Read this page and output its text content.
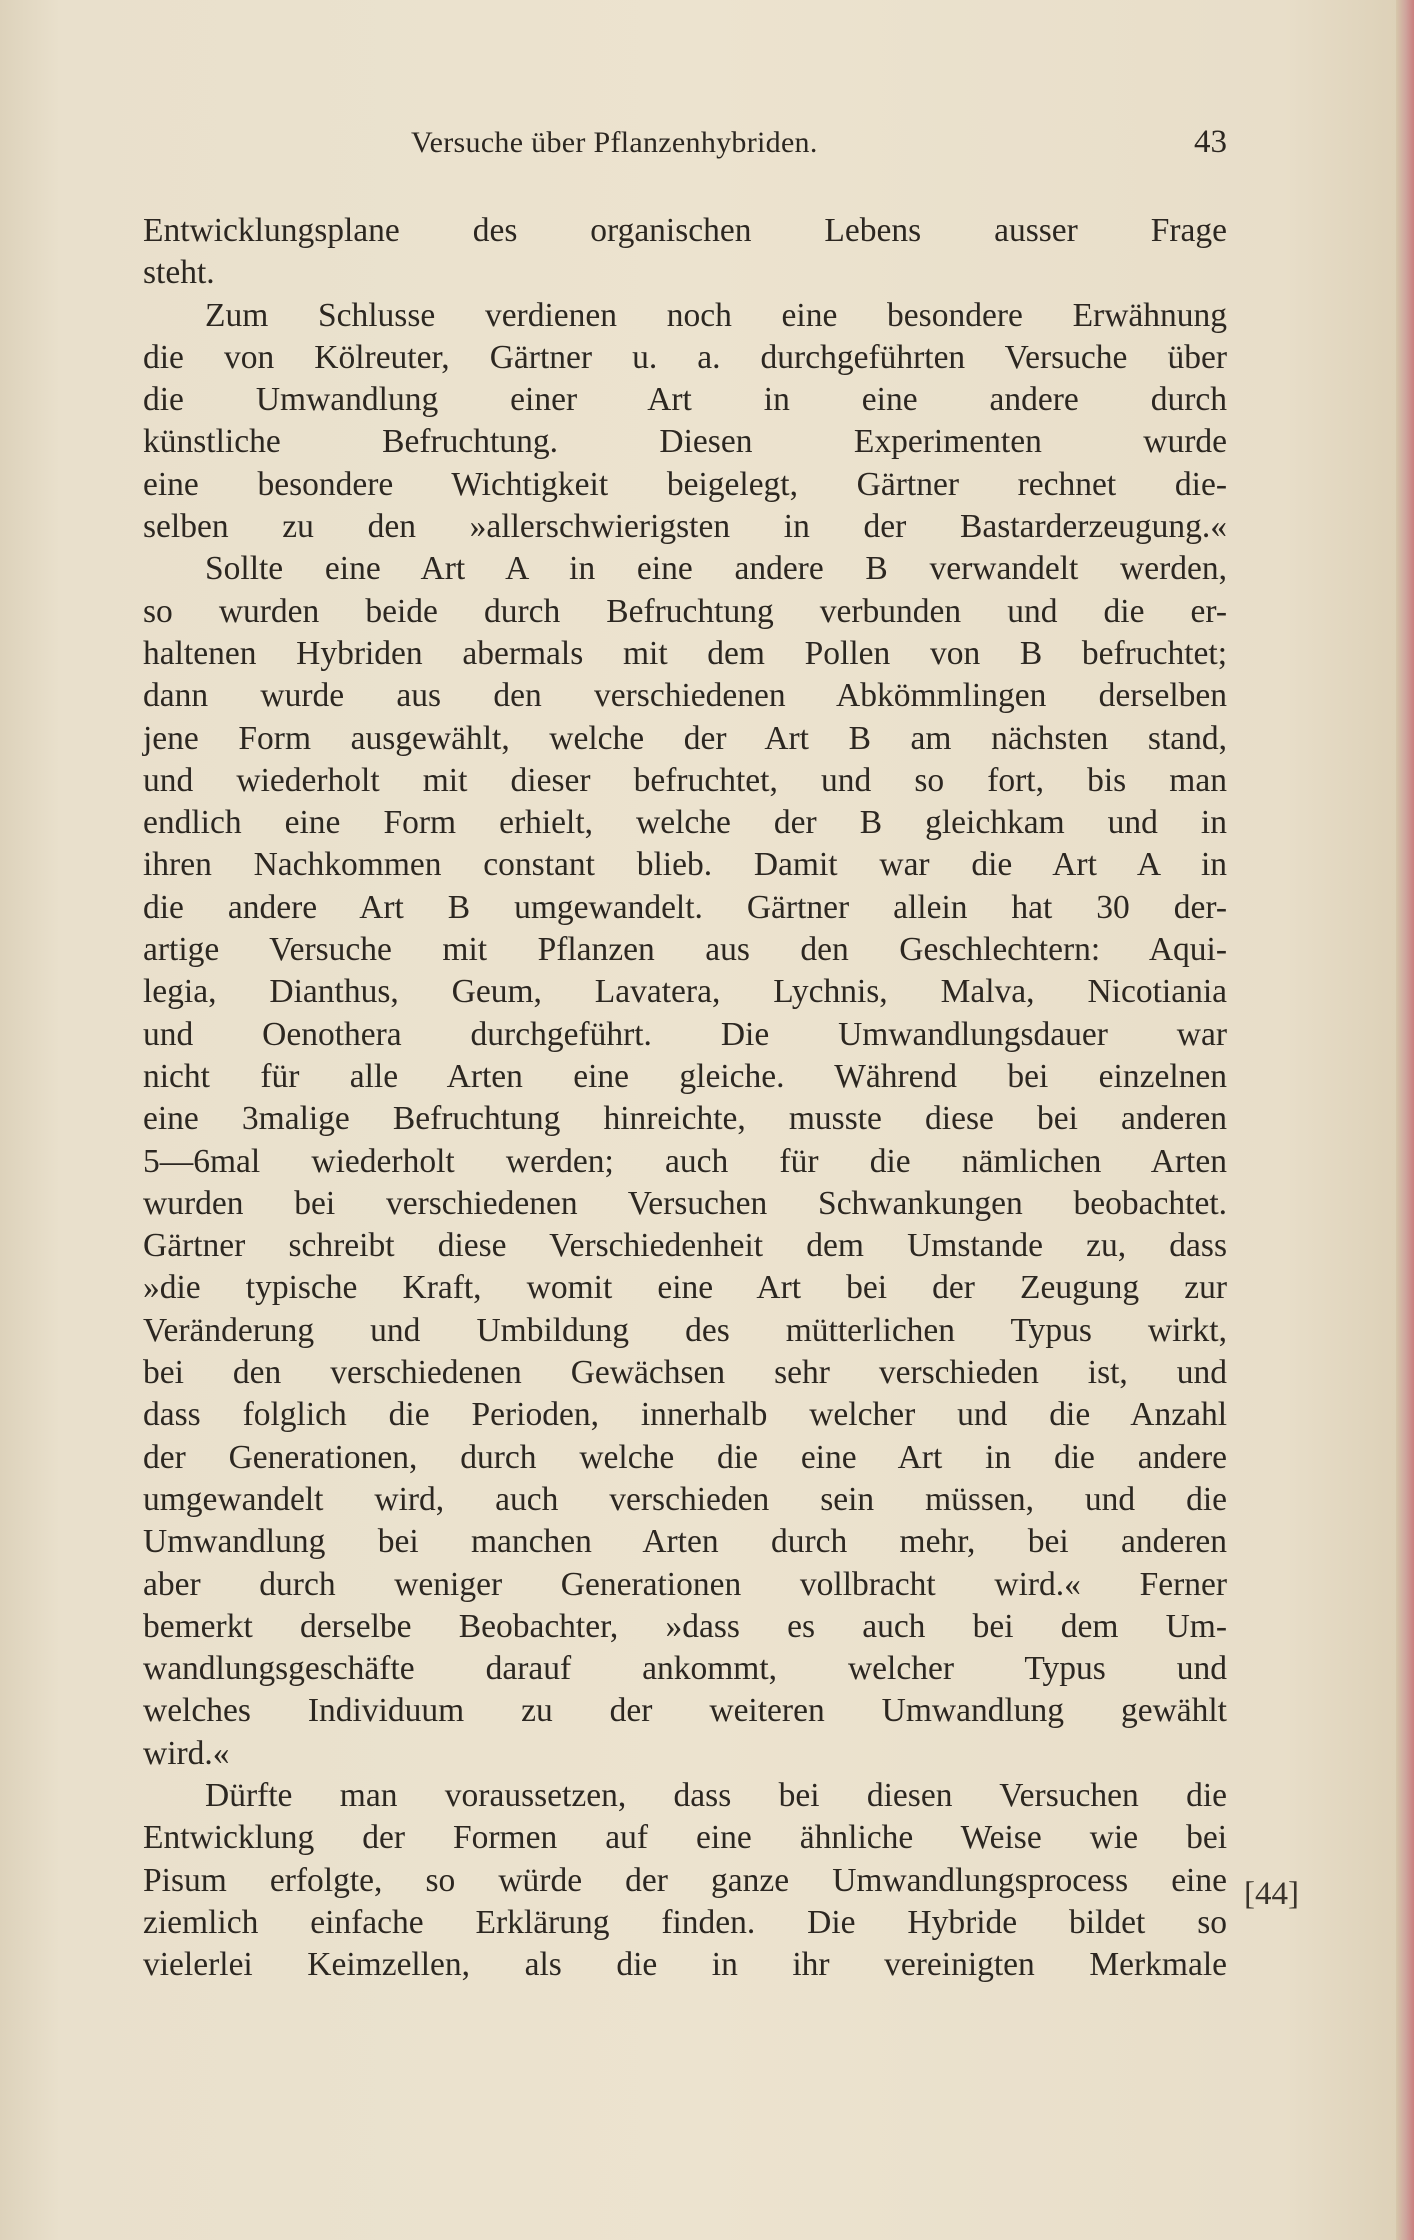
Versuche über Pflanzenhybriden.	43
Entwicklungsplane des organischen Lebens ausser Frage
steht.
Zum Schlusse verdienen noch eine besondere Erwähnung
die von Kölreuter, Gärtner u. a. durchgeführten Versuche über
die Umwandlung einer Art in eine andere durch
künstliche Befruchtung. Diesen Experimenten wurde
eine besondere Wichtigkeit beigelegt, Gärtner rechnet die-
selben zu den »allerschwierigsten in der Bastarderzeugung.«
Sollte eine Art A in eine andere B verwandelt werden,
so wurden beide durch Befruchtung verbunden und die er-
haltenen Hybriden abermals mit dem Pollen von B befruchtet;
dann wurde aus den verschiedenen Abkömmlingen derselben
jene Form ausgewählt, welche der Art B am nächsten stand,
und wiederholt mit dieser befruchtet, und so fort, bis man
endlich eine Form erhielt, welche der B gleichkam und in
ihren Nachkommen constant blieb. Damit war die Art A in
die andere Art B umgewandelt. Gärtner allein hat 30 der-
artige Versuche mit Pflanzen aus den Geschlechtern: Aqui-
legia, Dianthus, Geum, Lavatera, Lychnis, Malva, Nicotiania
und Oenothera durchgeführt. Die Umwandlungsdauer war
nicht für alle Arten eine gleiche. Während bei einzelnen
eine 3malige Befruchtung hinreichte, musste diese bei anderen
5—6mal wiederholt werden; auch für die nämlichen Arten
wurden bei verschiedenen Versuchen Schwankungen beobachtet.
Gärtner schreibt diese Verschiedenheit dem Umstande zu, dass
»die typische Kraft, womit eine Art bei der Zeugung zur
Veränderung und Umbildung des mütterlichen Typus wirkt,
bei den verschiedenen Gewächsen sehr verschieden ist, und
dass folglich die Perioden, innerhalb welcher und die Anzahl
der Generationen, durch welche die eine Art in die andere
umgewandelt wird, auch verschieden sein müssen, und die
Umwandlung bei manchen Arten durch mehr, bei anderen
aber durch weniger Generationen vollbracht wird.« Ferner
bemerkt derselbe Beobachter, »dass es auch bei dem Um-
wandlungsgeschäfte darauf ankommt, welcher Typus und
welches Individuum zu der weiteren Umwandlung gewählt
wird.«
Dürfte man voraussetzen, dass bei diesen Versuchen die
Entwicklung der Formen auf eine ähnliche Weise wie bei
Pisum erfolgte, so würde der ganze Umwandlungsprocess eine
ziemlich einfache Erklärung finden. Die Hybride bildet so
vielerlei Keimzellen, als die in ihr vereinigten Merkmale
[44]
